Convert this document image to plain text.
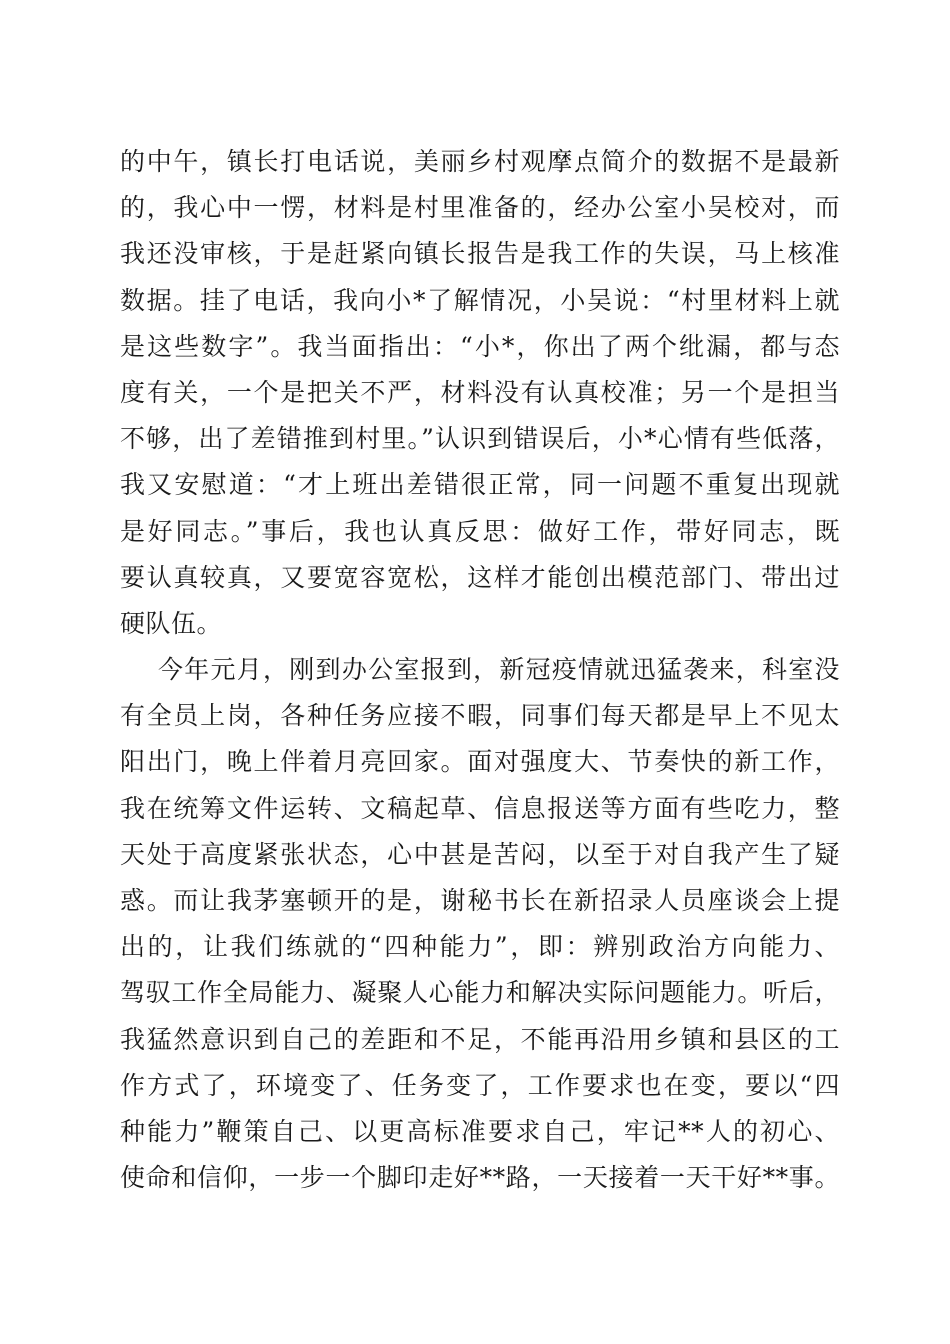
的中午，镇长打电话说，美丽乡村观摩点简介的数据不是最新
的，我心中一愣，材料是村里准备的，经办公室小吴校对，而
我还没审核，于是赶紧向镇长报告是我工作的失误，马上核准
数据。挂了电话，我向小*了解情况，小吴说：“村里材料上就
是这些数字”。我当面指出：“小*，你出了两个纰漏，都与态
度有关，一个是把关不严，材料没有认真校准；另一个是担当
不够，出了差错推到村里。”认识到错误后，小*心情有些低落，
我又安慰道：“才上班出差错很正常，同一问题不重复出现就
是好同志。”事后，我也认真反思：做好工作，带好同志，既
要认真较真，又要宽容宽松，这样才能创出模范部门、带出过
硬队伍。
今年元月，刚到办公室报到，新冠疫情就迅猛袭来，科室没
有全员上岗，各种任务应接不暇，同事们每天都是早上不见太
阳出门，晚上伴着月亮回家。面对强度大、节奏快的新工作，
我在统筹文件运转、文稿起草、信息报送等方面有些吃力，整
天处于高度紧张状态，心中甚是苦闷，以至于对自我产生了疑
惑。而让我茅塞顿开的是，谢秘书长在新招录人员座谈会上提
出的，让我们练就的“四种能力”，即：辨别政治方向能力、
驾驭工作全局能力、凝聚人心能力和解决实际问题能力。听后，
我猛然意识到自己的差距和不足，不能再沿用乡镇和县区的工
作方式了，环境变了、任务变了，工作要求也在变，要以“四
种能力”鞭策自己、以更高标准要求自己，牢记**人的初心、
使命和信仰，一步一个脚印走好**路，一天接着一天干好**事。
